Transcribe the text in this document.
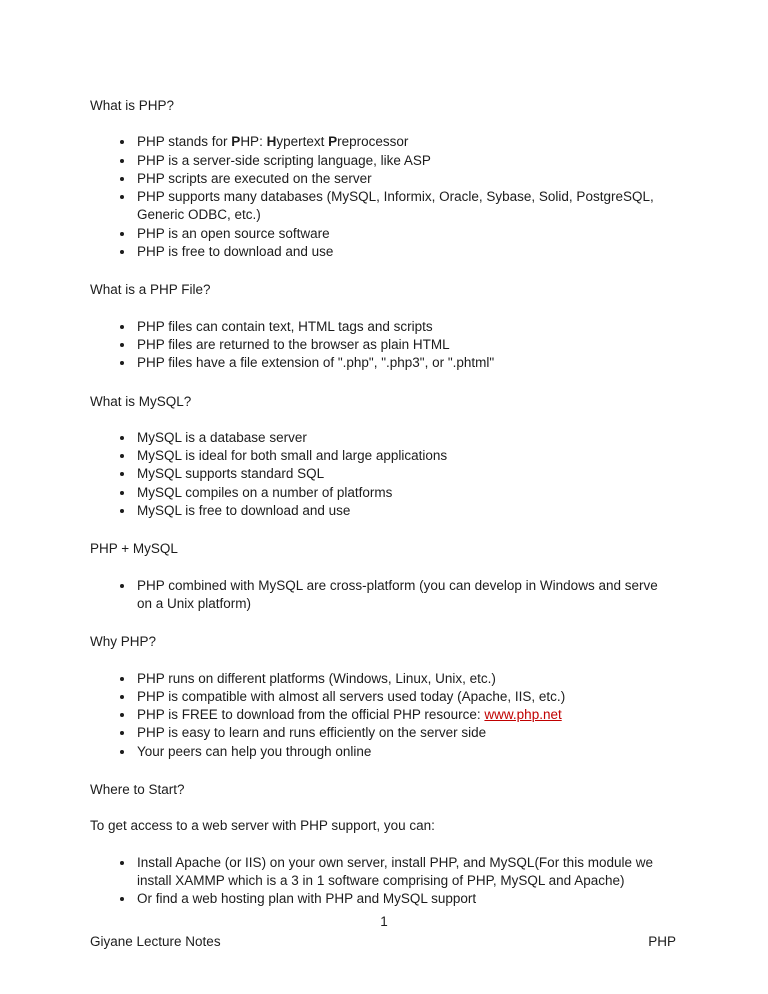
What is PHP?

• PHP stands for PHP: Hypertext Preprocessor
• PHP is a server-side scripting language, like ASP
• PHP scripts are executed on the server
• PHP supports many databases (MySQL, Informix, Oracle, Sybase, Solid, PostgreSQL, Generic ODBC, etc.)
• PHP is an open source software
• PHP is free to download and use

What is a PHP File?

• PHP files can contain text, HTML tags and scripts
• PHP files are returned to the browser as plain HTML
• PHP files have a file extension of ".php", ".php3", or ".phtml"

What is MySQL?

• MySQL is a database server
• MySQL is ideal for both small and large applications
• MySQL supports standard SQL
• MySQL compiles on a number of platforms
• MySQL is free to download and use

PHP + MySQL

• PHP combined with MySQL are cross-platform (you can develop in Windows and serve on a Unix platform)

Why PHP?

• PHP runs on different platforms (Windows, Linux, Unix, etc.)
• PHP is compatible with almost all servers used today (Apache, IIS, etc.)
• PHP is FREE to download from the official PHP resource: www.php.net
• PHP is easy to learn and runs efficiently on the server side
• Your peers can help you through online

Where to Start?

To get access to a web server with PHP support, you can:

• Install Apache (or IIS) on your own server, install PHP, and MySQL(For this module we install XAMMP which is a 3 in 1 software comprising of PHP, MySQL and Apache)
• Or find a web hosting plan with PHP and MySQL support
1
Giyane Lecture Notes	PHP
